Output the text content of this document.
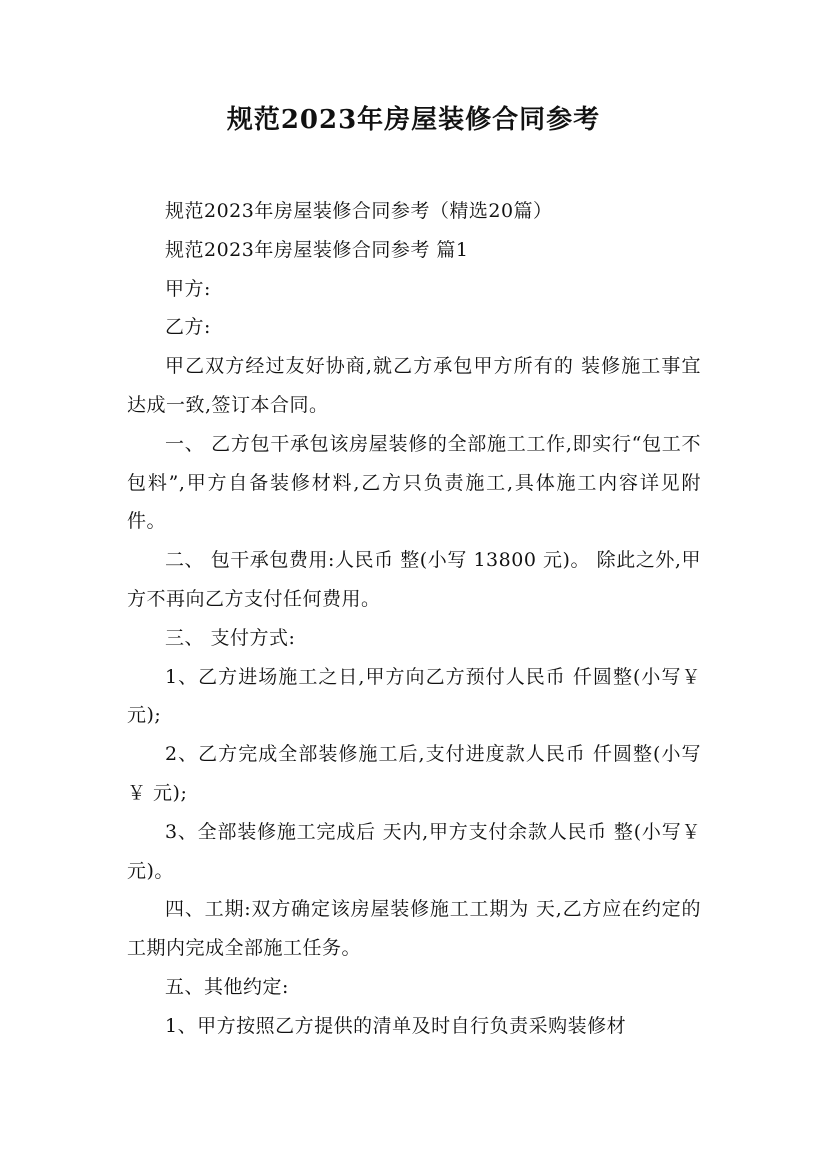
规范2023年房屋装修合同参考

规范2023年房屋装修合同参考（精选20篇）

规范2023年房屋装修合同参考 篇1

甲方:

乙方:

甲乙双方经过友好协商,就乙方承包甲方所有的 装修施工事宜达成一致,签订本合同。

一、 乙方包干承包该房屋装修的全部施工工作,即实行“包工不包料”,甲方自备装修材料,乙方只负责施工,具体施工内容详见附件。

二、 包干承包费用:人民币 整(小写 13800 元)。 除此之外,甲方不再向乙方支付任何费用。

三、 支付方式:

1、乙方进场施工之日,甲方向乙方预付人民币 仟圆整(小写￥ 元);

2、乙方完成全部装修施工后,支付进度款人民币 仟圆整(小写￥ 元);

3、全部装修施工完成后 天内,甲方支付余款人民币 整(小写￥ 元)。

四、工期:双方确定该房屋装修施工工期为 天,乙方应在约定的工期内完成全部施工任务。

五、其他约定:

1、甲方按照乙方提供的清单及时自行负责采购装修材
